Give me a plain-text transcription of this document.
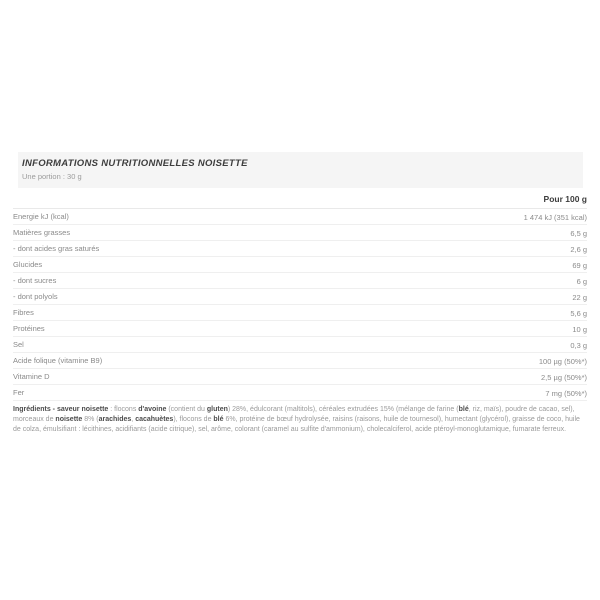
INFORMATIONS NUTRITIONNELLES NOISETTE
Une portion : 30 g
Pour 100 g
Energie kJ (kcal)	1 474 kJ (351 kcal)
Matières grasses	6,5 g
- dont acides gras saturés	2,6 g
Glucides	69 g
- dont sucres	6 g
- dont polyols	22 g
Fibres	5,6 g
Protéines	10 g
Sel	0,3 g
Acide folique (vitamine B9)	100 µg (50%*)
Vitamine D	2,5 µg (50%*)
Fer	7 mg (50%*)

Ingrédients - saveur noisette : flocons d'avoine (contient du gluten) 28%, édulcorant (maltitols), céréales extrudées 15% (mélange de farine (blé, riz, maïs), poudre de cacao, sel), morceaux de noisette 8% (arachides, cacahuètes), flocons de blé 6%, protéine de bœuf hydrolysée, raisins (raisons, huile de tournesol), humectant (glycérol), graisse de coco, huile de colza, émulsifiant : lécithines, acidifiants (acide citrique), sel, arôme, colorant (caramel au sulfite d'ammonium), cholecalciferol, acide ptéroyl-monoglutamique, fumarate ferreux.
